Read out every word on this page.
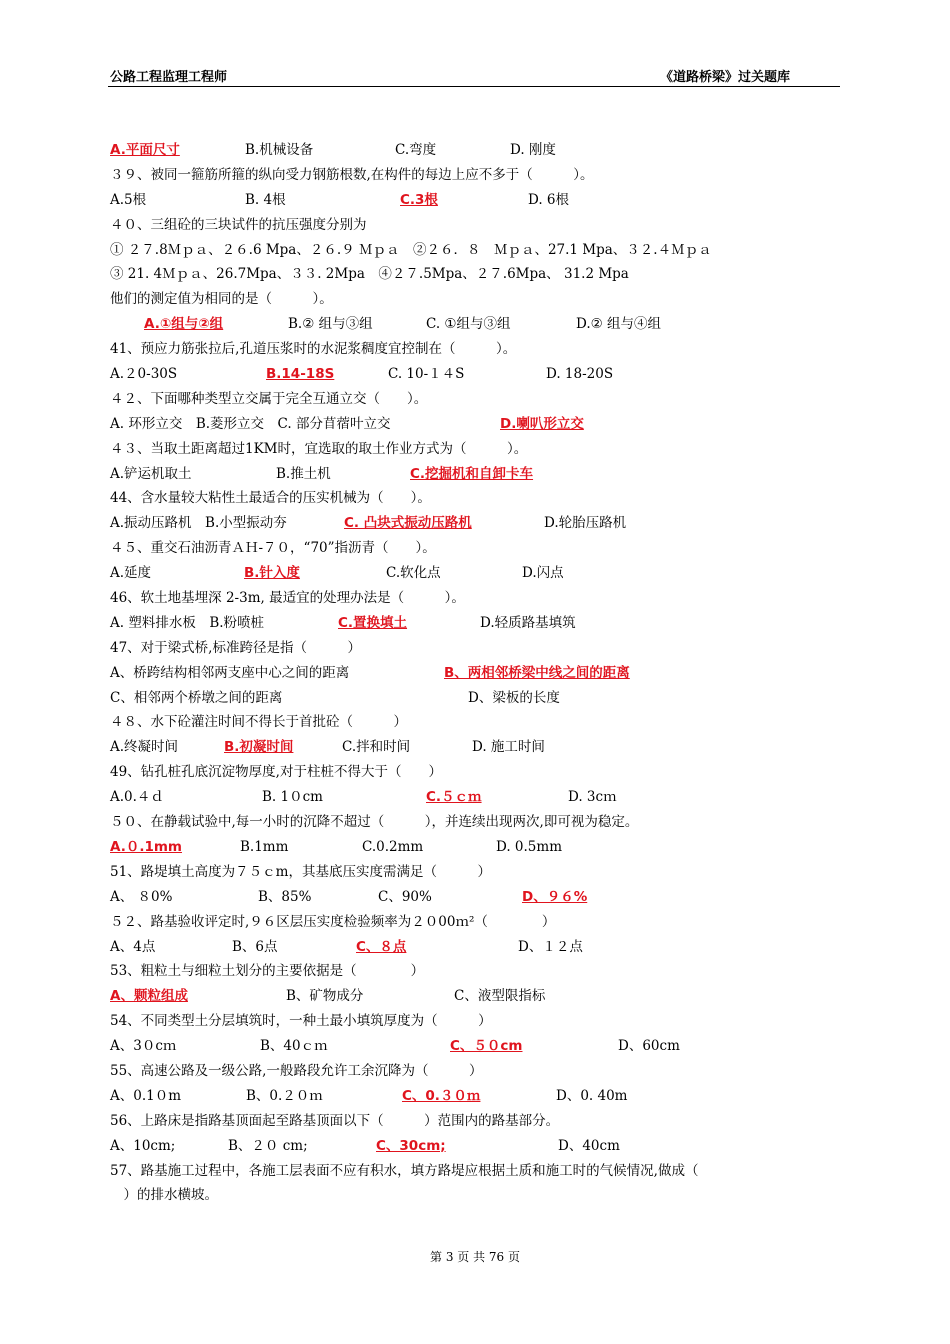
公路工程监理工程师	《道路桥梁》过关题库
A.平面尺寸	B.机械设备	C.弯度	D. 刚度
３９、被同一箍筋所箍的纵向受力钢筋根数,在构件的每边上应不多于（　　　）。
A.5根	B. 4根	C.3根	D. 6根
４０、三组砼的三块试件的抗压强度分别为
① ２７.8Ｍｐａ、２６.6 Mpa、２６.９ Ｍｐａ　②２６．８　Ｍｐａ、27.1 Mpa、３２.４Ｍｐａ
③ 21. 4Ｍｐａ、26.7Mpa、３３. 2Mpa　④２７.5Mpa、２７.6Mpa、 31.2 Mpa
他们的测定值为相同的是（　　　）。
A.①组与②组	B.② 组与③组	C. ①组与③组	D.② 组与④组
41、预应力筋张拉后,孔道压浆时的水泥浆稠度宜控制在（　　　）。
A.２0-30S	B.14-18S	C. 10-１４S	D. 18-20S
４２、下面哪种类型立交属于完全互通立交（　　）。
A. 环形立交　B.菱形立交　C. 部分苜蓿叶立交	D.喇叭形立交
４３、当取土距离超过1KM时，宜选取的取土作业方式为（　　　）。
A.铲运机取土	B.推土机	C.挖掘机和自卸卡车
44、含水量较大粘性土最适合的压实机械为（　　）。
A.振动压路机　B.小型振动夯	C. 凸块式振动压路机	D.轮胎压路机
４５、重交石油沥青ＡＨ-７０，“70”指沥青（　　）。
A.延度	B.针入度	C.软化点	D.闪点
46、软土地基埋深 2-3m, 最适宜的处理办法是（　　　）。
A. 塑料排水板　B.粉喷桩	C.置换填土	D.轻质路基填筑
47、对于梁式桥,标准跨径是指（　　　）
A、桥跨结构相邻两支座中心之间的距离	B、两相邻桥梁中线之间的距离
C、相邻两个桥墩之间的距离	D、梁板的长度
４８、水下砼灌注时间不得长于首批砼（　　　）
A.终凝时间	B.初凝时间	C.拌和时间	D. 施工时间
49、钻孔桩孔底沉淀物厚度,对于柱桩不得大于（　　）
A.0.４ｄ	B. 1０cm	C.５ｃｍ	D. 3cｍ
５０、在静载试验中,每一小时的沉降不超过（　　　），并连续出现两次,即可视为稳定。
A.０.1mm	B.1mm	C.0.2mm	D. 0.5mm
51、路堤填土高度为７５ｃm，其基底压实度需满足（　　　）
A、 ８0%	B、85%	C、90%	D、９６%
５２、路基验收评定时,９６区层压实度检验频率为２０00ｍ²（　　　　）
A、4点	B、6点	C、８点	D、１２点
53、粗粒土与细粒土划分的主要依据是（　　　　）
A、颗粒组成	B、矿物成分	C、液型限指标
54、不同类型土分层填筑时，一种土最小填筑厚度为（　　　）
A、3０cｍ	B、40ｃｍ	C、５０cm	D、60cm
55、高速公路及一级公路,一般路段允许工余沉降为（　　　）
A、0.1０m	B、0.２０ｍ	C、0.３０ｍ	D、0. 40m
56、上路床是指路基顶面起至路基顶面以下（　　　）范围内的路基部分。
A、10cm;	B、２０ cm;	C、30cm;	D、40cm
57、路基施工过程中，各施工层表面不应有积水，填方路堤应根据土质和施工时的气候情况,做成（
　）的排水横坡。
第 3 页 共 76 页
